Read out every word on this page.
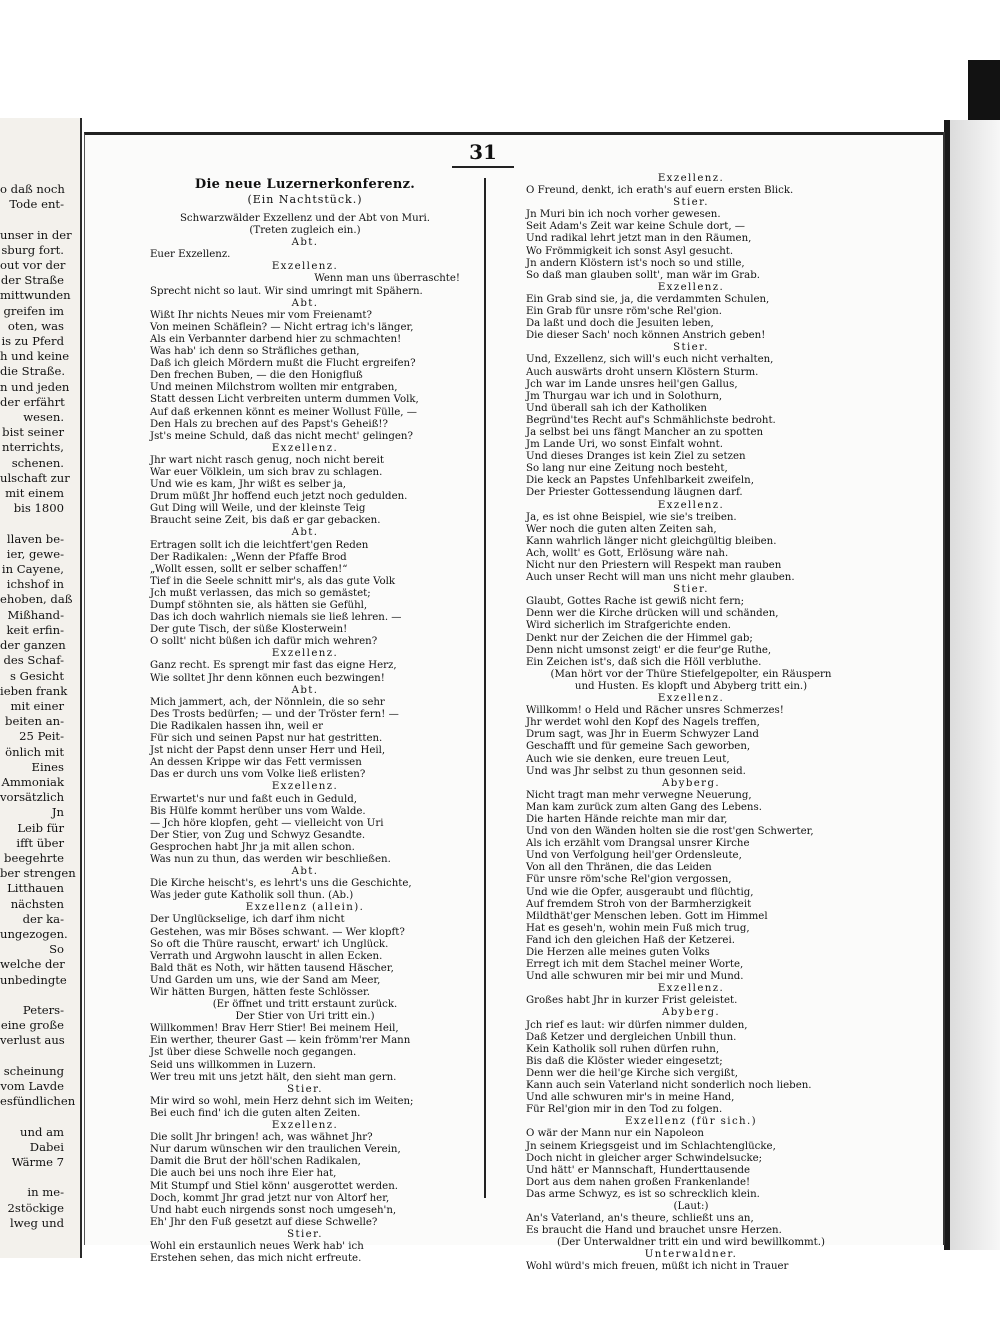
o daß noch
Tode ent-

unser in der
sburg fort.
out vor der
der Straße
mittwunden
greifen im
oten, was
is zu Pferd
h und keine
die Straße.
n und jeden
der erfährt
wesen.
bist seiner
nterrichts,
schenen.
ulschaft zur
mit einem
bis 1800

llaven be-
ier, gewe-
in Cayene,
ichshof in
ehoben, daß
Mißhand-
keit erfin-
der ganzen
des Schaf-
s Gesicht
ieben frank
mit einer
beiten an-
25 Peit-
önlich mit
Eines
Ammoniak
vorsätzlich
Jn
Leib für
ifft über
beegehrte
ber strengen
Litthauen
nächsten
der ka-
ungezogen.
So
welche der
unbedingte

Peters-
eine große
verlust aus

scheinung
vom Lavde
esfündlichen

und am
Dabei
Wärme 7

in me-
2stöckige
lweg und
31
Die neue Luzernerkonferenz.
(Ein Nachtstück.)
Schwarzwälder Exzellenz und der Abt von Muri.
(Treten zugleich ein.)
Abt.
Euer Exzellenz.
Exzellenz.
Wenn man uns überraschte!
Sprecht nicht so laut. Wir sind umringt mit Spähern.
Abt.
Wißt Ihr nichts Neues mir vom Freienamt?
Von meinen Schäflein? — Nicht ertrag ich's länger,
Als ein Verbannter darbend hier zu schmachten!
Was hab' ich denn so Sträfliches gethan,
Daß ich gleich Mördern mußt die Flucht ergreifen?
Den frechen Buben, — die den Honigfluß
Und meinen Milchstrom wollten mir entgraben,
Statt dessen Licht verbreiten unterm dummen Volk,
Auf daß erkennen könnt es meiner Wollust Fülle, —
Den Hals zu brechen auf des Papst's Geheiß!?
Jst's meine Schuld, daß das nicht mecht' gelingen?
Exzellenz.
Jhr wart nicht rasch genug, noch nicht bereit
War euer Völklein, um sich brav zu schlagen.
Und wie es kam, Jhr wißt es selber ja,
Drum müßt Jhr hoffend euch jetzt noch gedulden.
Gut Ding will Weile, und der kleinste Teig
Braucht seine Zeit, bis daß er gar gebacken.
Abt.
Ertragen sollt ich die leichtfert'gen Reden
Der Radikalen: „Wenn der Pfaffe Brod
„Wollt essen, sollt er selber schaffen!“
Tief in die Seele schnitt mir's, als das gute Volk
Jch mußt verlassen, das mich so gemästet;
Dumpf stöhnten sie, als hätten sie Gefühl,
Das ich doch wahrlich niemals sie ließ lehren. —
Der gute Tisch, der süße Klosterwein!
O sollt' nicht büßen ich dafür mich wehren?
Exzellenz.
Ganz recht. Es sprengt mir fast das eigne Herz,
Wie solltet Jhr denn können euch bezwingen!
Abt.
Mich jammert, ach, der Nönnlein, die so sehr
Des Trosts bedürfen; — und der Tröster fern! —
Die Radikalen hassen ihn, weil er
Für sich und seinen Papst nur hat gestritten.
Jst nicht der Papst denn unser Herr und Heil,
An dessen Krippe wir das Fett vermissen
Das er durch uns vom Volke ließ erlisten?
Exzellenz.
Erwartet's nur und faßt euch in Geduld,
Bis Hülfe kommt herüber uns vom Walde.
— Jch höre klopfen, geht — vielleicht von Uri
Der Stier, von Zug und Schwyz Gesandte.
Gesprochen habt Jhr ja mit allen schon.
Was nun zu thun, das werden wir beschließen.
Abt.
Die Kirche heischt's, es lehrt's uns die Geschichte,
Was jeder gute Katholik soll thun. (Ab.)
Exzellenz (allein).
Der Unglückselige, ich darf ihm nicht
Gestehen, was mir Böses schwant. — Wer klopft?
So oft die Thüre rauscht, erwart' ich Unglück.
Verrath und Argwohn lauscht in allen Ecken.
Bald thät es Noth, wir hätten tausend Häscher,
Und Garden um uns, wie der Sand am Meer,
Wir hätten Burgen, hätten feste Schlösser.
(Er öffnet und tritt erstaunt zurück.
Der Stier von Uri tritt ein.)
Willkommen! Brav Herr Stier! Bei meinem Heil,
Ein werther, theurer Gast — kein frömm'rer Mann
Jst über diese Schwelle noch gegangen.
Seid uns willkommen in Luzern.
Wer treu mit uns jetzt hält, den sieht man gern.
Stier.
Mir wird so wohl, mein Herz dehnt sich im Weiten;
Bei euch find' ich die guten alten Zeiten.
Exzellenz.
Die sollt Jhr bringen! ach, was wähnet Jhr?
Nur darum wünschen wir den traulichen Verein,
Damit die Brut der höll'schen Radikalen,
Die auch bei uns noch ihre Eier hat,
Mit Stumpf und Stiel könn' ausgerottet werden.
Doch, kommt Jhr grad jetzt nur von Altorf her,
Und habt euch nirgends sonst noch umgeseh'n,
Eh' Jhr den Fuß gesetzt auf diese Schwelle?
Stier.
Wohl ein erstaunlich neues Werk hab' ich
Erstehen sehen, das mich nicht erfreute.
Exzellenz.
O Freund, denkt, ich erath's auf euern ersten Blick.
Stier.
Jn Muri bin ich noch vorher gewesen.
Seit Adam's Zeit war keine Schule dort, —
Und radikal lehrt jetzt man in den Räumen,
Wo Frömmigkeit ich sonst Asyl gesucht.
Jn andern Klöstern ist's noch so und stille,
So daß man glauben sollt', man wär im Grab.
Exzellenz.
Ein Grab sind sie, ja, die verdammten Schulen,
Ein Grab für unsre röm'sche Rel'gion.
Da laßt und doch die Jesuiten leben,
Die dieser Sach' noch können Anstrich geben!
Stier.
Und, Exzellenz, sich will's euch nicht verhalten,
Auch auswärts droht unsern Klöstern Sturm.
Jch war im Lande unsres heil'gen Gallus,
Jm Thurgau war ich und in Solothurn,
Und überall sah ich der Katholiken
Begründ'tes Recht auf's Schmählichste bedroht.
Ja selbst bei uns fängt Mancher an zu spotten
Jm Lande Uri, wo sonst Einfalt wohnt.
Und dieses Dranges ist kein Ziel zu setzen
So lang nur eine Zeitung noch besteht,
Die keck an Papstes Unfehlbarkeit zweifeln,
Der Priester Gottessendung läugnen darf.
Exzellenz.
Ja, es ist ohne Beispiel, wie sie's treiben.
Wer noch die guten alten Zeiten sah,
Kann wahrlich länger nicht gleichgültig bleiben.
Ach, wollt' es Gott, Erlösung wäre nah.
Nicht nur den Priestern will Respekt man rauben
Auch unser Recht will man uns nicht mehr glauben.
Stier.
Glaubt, Gottes Rache ist gewiß nicht fern;
Denn wer die Kirche drücken will und schänden,
Wird sicherlich im Strafgerichte enden.
Denkt nur der Zeichen die der Himmel gab;
Denn nicht umsonst zeigt' er die feur'ge Ruthe,
Ein Zeichen ist's, daß sich die Höll verbluthe.
(Man hört vor der Thüre Stiefelgepolter, ein Räuspern
und Husten. Es klopft und Abyberg tritt ein.)
Exzellenz.
Willkomm! o Held und Rächer unsres Schmerzes!
Jhr werdet wohl den Kopf des Nagels treffen,
Drum sagt, was Jhr in Euerm Schwyzer Land
Geschafft und für gemeine Sach geworben,
Auch wie sie denken, eure treuen Leut,
Und was Jhr selbst zu thun gesonnen seid.
Abyberg.
Nicht tragt man mehr verwegne Neuerung,
Man kam zurück zum alten Gang des Lebens.
Die harten Hände reichte man mir dar,
Und von den Wänden holten sie die rost'gen Schwerter,
Als ich erzählt vom Drangsal unsrer Kirche
Und von Verfolgung heil'ger Ordensleute,
Von all den Thränen, die das Leiden
Für unsre röm'sche Rel'gion vergossen,
Und wie die Opfer, ausgeraubt und flüchtig,
Auf fremdem Stroh von der Barmherzigkeit
Mildthät'ger Menschen leben. Gott im Himmel
Hat es geseh'n, wohin mein Fuß mich trug,
Fand ich den gleichen Haß der Ketzerei.
Die Herzen alle meines guten Volks
Erregt ich mit dem Stachel meiner Worte,
Und alle schwuren mir bei mir und Mund.
Exzellenz.
Großes habt Jhr in kurzer Frist geleistet.
Abyberg.
Jch rief es laut: wir dürfen nimmer dulden,
Daß Ketzer und dergleichen Unbill thun.
Kein Katholik soll ruhen dürfen ruhn,
Bis daß die Klöster wieder eingesetzt;
Denn wer die heil'ge Kirche sich vergißt,
Kann auch sein Vaterland nicht sonderlich noch lieben.
Und alle schwuren mir's in meine Hand,
Für Rel'gion mir in den Tod zu folgen.
Exzellenz (für sich.)
O wär der Mann nur ein Napoleon
Jn seinem Kriegsgeist und im Schlachtenglücke,
Doch nicht in gleicher arger Schwindelsucke;
Und hätt' er Mannschaft, Hunderttausende
Dort aus dem nahen großen Frankenlande!
Das arme Schwyz, es ist so schrecklich klein.
(Laut:)
An's Vaterland, an's theure, schließt uns an,
Es braucht die Hand und brauchet unsre Herzen.
(Der Unterwaldner tritt ein und wird bewillkommt.)
Unterwaldner.
Wohl würd's mich freuen, müßt ich nicht in Trauer
